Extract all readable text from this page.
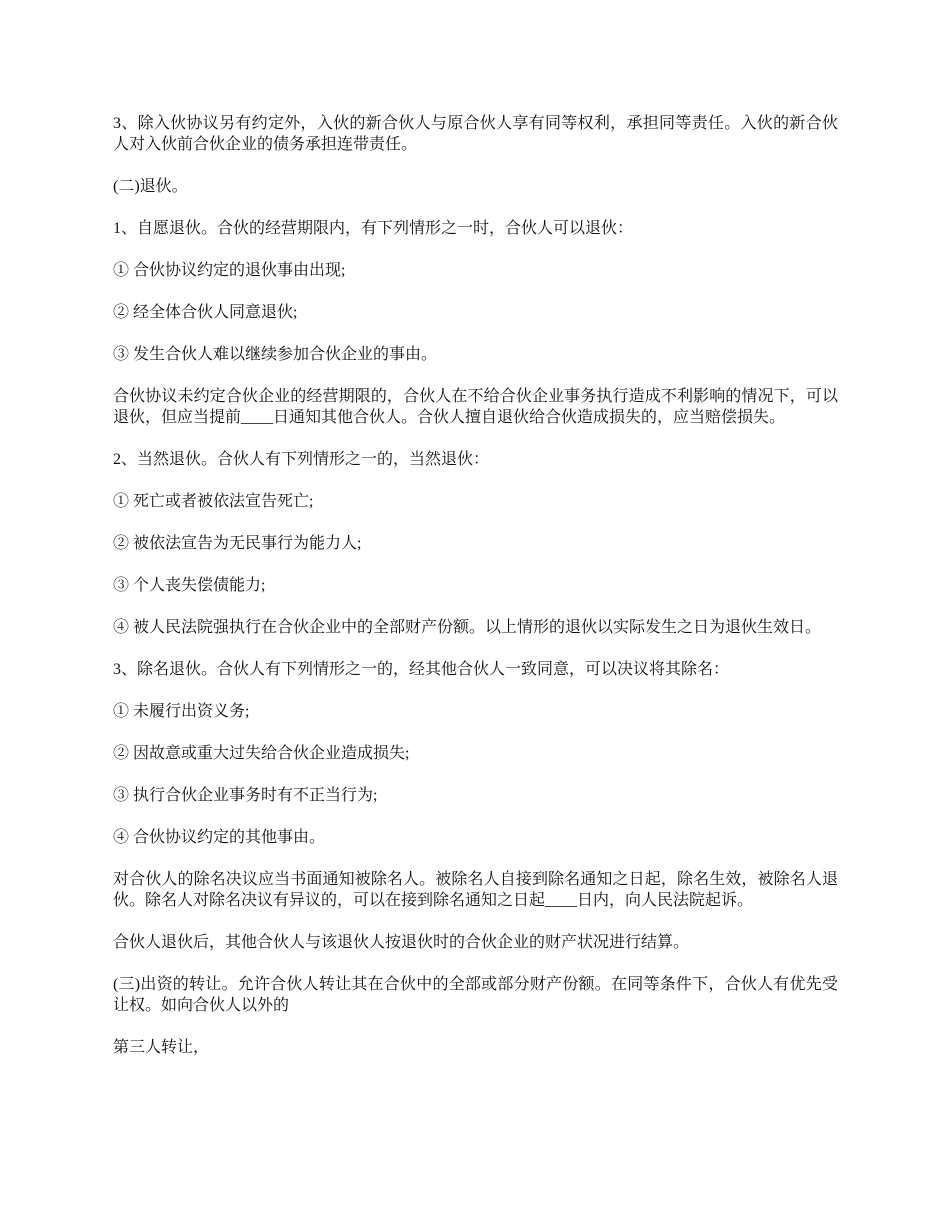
3、除入伙协议另有约定外，入伙的新合伙人与原合伙人享有同等权利，承担同等责任。入伙的新合伙人对入伙前合伙企业的债务承担连带责任。

(二)退伙。

1、自愿退伙。合伙的经营期限内，有下列情形之一时，合伙人可以退伙：

① 合伙协议约定的退伙事由出现;

② 经全体合伙人同意退伙;

③ 发生合伙人难以继续参加合伙企业的事由。

合伙协议未约定合伙企业的经营期限的，合伙人在不给合伙企业事务执行造成不利影响的情况下，可以退伙，但应当提前____日通知其他合伙人。合伙人擅自退伙给合伙造成损失的，应当赔偿损失。

2、当然退伙。合伙人有下列情形之一的，当然退伙：

① 死亡或者被依法宣告死亡;

② 被依法宣告为无民事行为能力人;

③ 个人丧失偿债能力;

④ 被人民法院强执行在合伙企业中的全部财产份额。以上情形的退伙以实际发生之日为退伙生效日。

3、除名退伙。合伙人有下列情形之一的，经其他合伙人一致同意，可以决议将其除名：

① 未履行出资义务;

② 因故意或重大过失给合伙企业造成损失;

③ 执行合伙企业事务时有不正当行为;

④ 合伙协议约定的其他事由。

对合伙人的除名决议应当书面通知被除名人。被除名人自接到除名通知之日起，除名生效，被除名人退伙。除名人对除名决议有异议的，可以在接到除名通知之日起____日内，向人民法院起诉。

合伙人退伙后，其他合伙人与该退伙人按退伙时的合伙企业的财产状况进行结算。

(三)出资的转让。允许合伙人转让其在合伙中的全部或部分财产份额。在同等条件下，合伙人有优先受让权。如向合伙人以外的

第三人转让，
